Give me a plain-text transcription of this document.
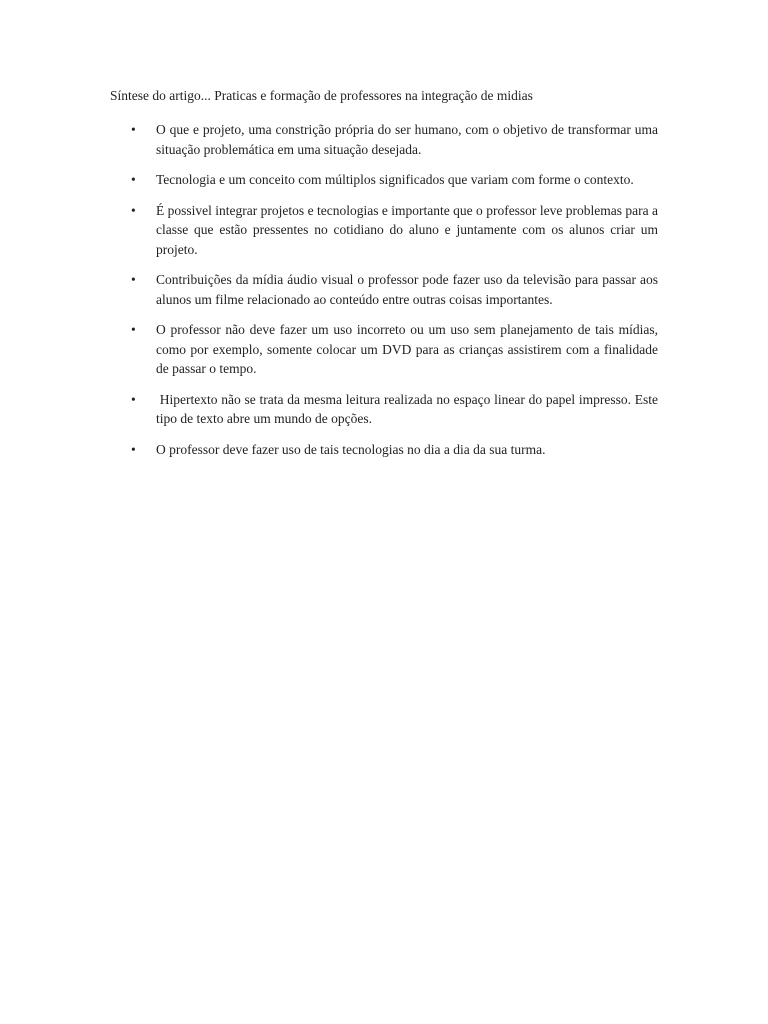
Síntese do artigo... Praticas e formação de professores na integração de midias
• O que e projeto, uma constrição própria do ser humano, com o objetivo de transformar uma situação problemática em uma situação desejada.
• Tecnologia e um conceito com múltiplos significados que variam com forme o contexto.
• É possivel integrar projetos e tecnologias e importante que o professor leve problemas para a classe que estão pressentes no cotidiano do aluno e juntamente com os alunos criar um projeto.
• Contribuições da mídia áudio visual o professor pode fazer uso da televisão para passar aos alunos um filme relacionado ao conteúdo entre outras coisas importantes.
• O professor não deve fazer um uso incorreto ou um uso sem planejamento de tais mídias, como por exemplo, somente colocar um DVD para as crianças assistirem com a finalidade de passar o tempo.
• Hipertexto não se trata da mesma leitura realizada no espaço linear do papel impresso. Este tipo de texto abre um mundo de opções.
• O professor deve fazer uso de tais tecnologias no dia a dia da sua turma.
